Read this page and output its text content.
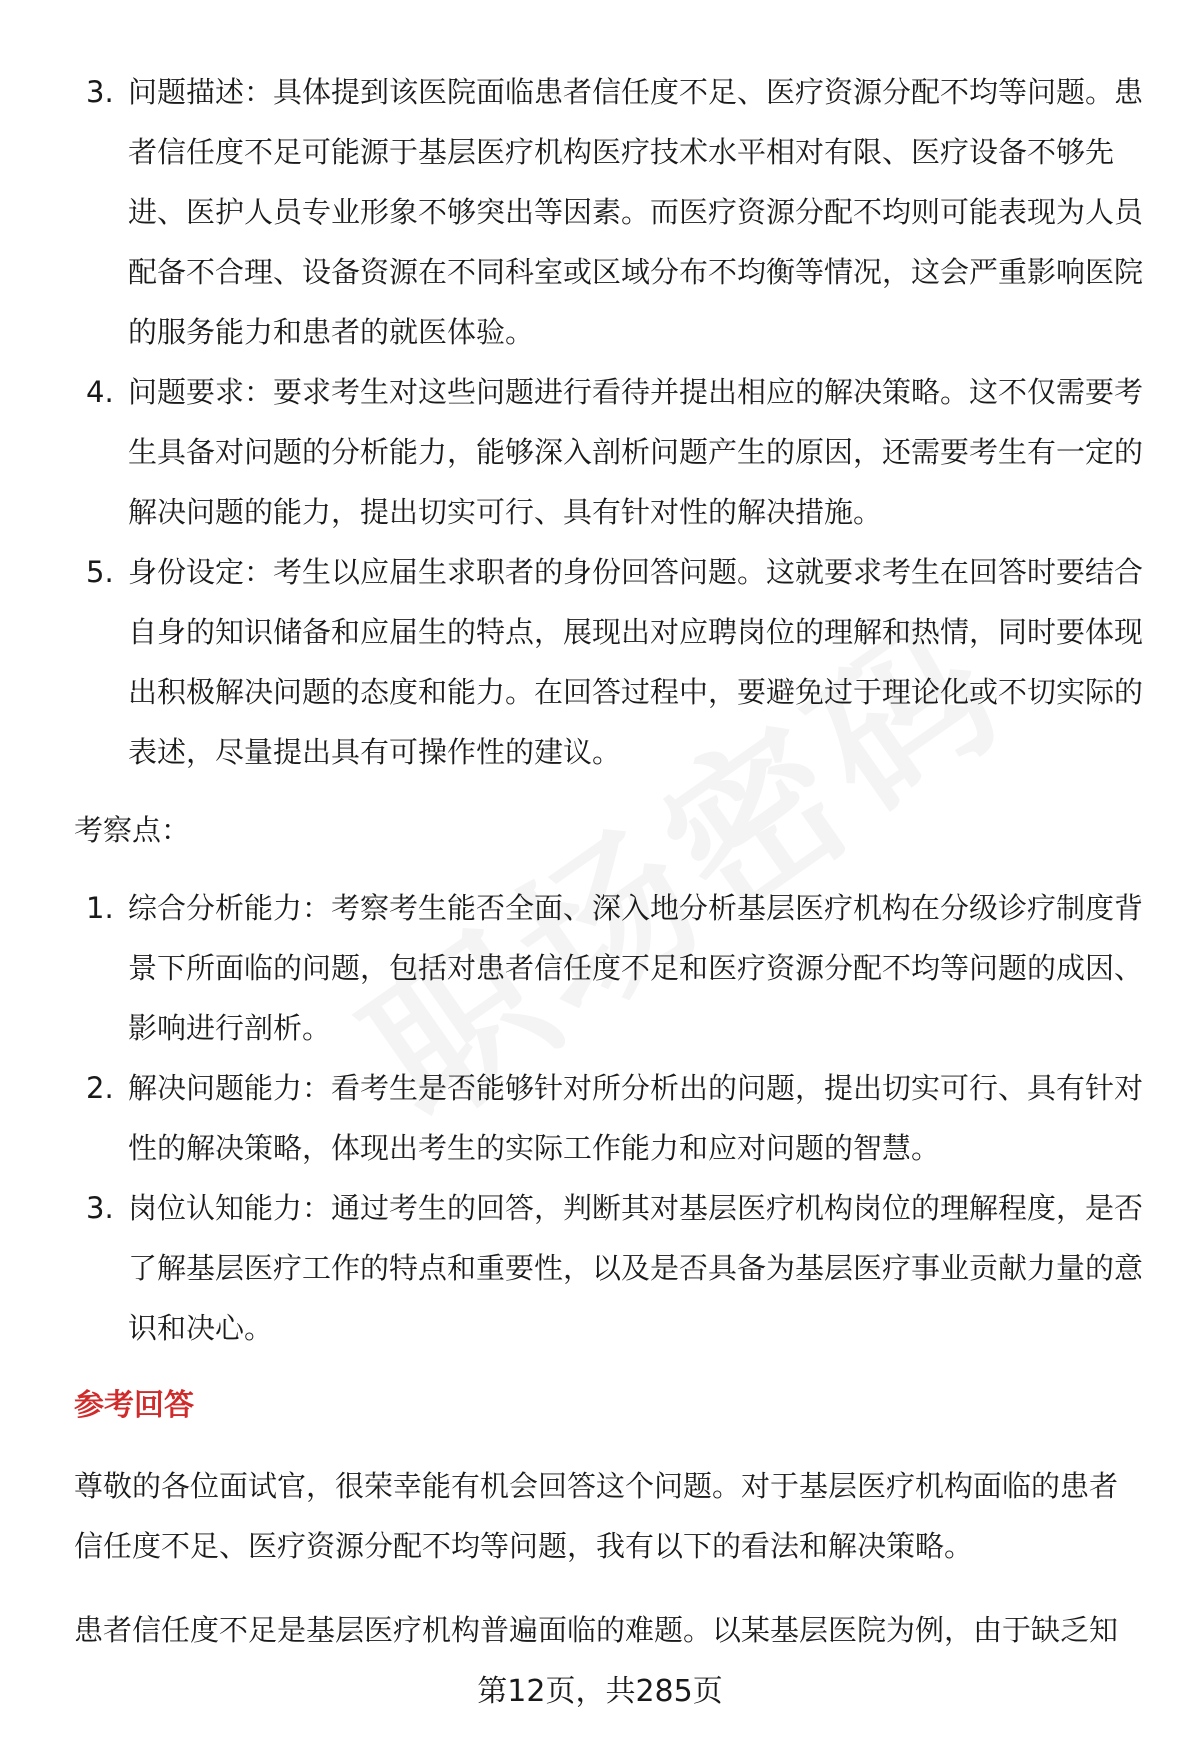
3. 问题描述：具体提到该医院面临患者信任度不足、医疗资源分配不均等问题。患者信任度不足可能源于基层医疗机构医疗技术水平相对有限、医疗设备不够先进、医护人员专业形象不够突出等因素。而医疗资源分配不均则可能表现为人员配备不合理、设备资源在不同科室或区域分布不均衡等情况，这会严重影响医院的服务能力和患者的就医体验。
4. 问题要求：要求考生对这些问题进行看待并提出相应的解决策略。这不仅需要考生具备对问题的分析能力，能够深入剖析问题产生的原因，还需要考生有一定的解决问题的能力，提出切实可行、具有针对性的解决措施。
5. 身份设定：考生以应届生求职者的身份回答问题。这就要求考生在回答时要结合自身的知识储备和应届生的特点，展现出对应聘岗位的理解和热情，同时要体现出积极解决问题的态度和能力。在回答过程中，要避免过于理论化或不切实际的表述，尽量提出具有可操作性的建议。
考察点：
1. 综合分析能力：考察考生能否全面、深入地分析基层医疗机构在分级诊疗制度背景下所面临的问题，包括对患者信任度不足和医疗资源分配不均等问题的成因、影响进行剖析。
2. 解决问题能力：看考生是否能够针对所分析出的问题，提出切实可行、具有针对性的解决策略，体现出考生的实际工作能力和应对问题的智慧。
3. 岗位认知能力：通过考生的回答，判断其对基层医疗机构岗位的理解程度，是否了解基层医疗工作的特点和重要性，以及是否具备为基层医疗事业贡献力量的意识和决心。
参考回答
尊敬的各位面试官，很荣幸能有机会回答这个问题。对于基层医疗机构面临的患者信任度不足、医疗资源分配不均等问题，我有以下的看法和解决策略。
患者信任度不足是基层医疗机构普遍面临的难题。以某基层医院为例，由于缺乏知
第12页，共285页
